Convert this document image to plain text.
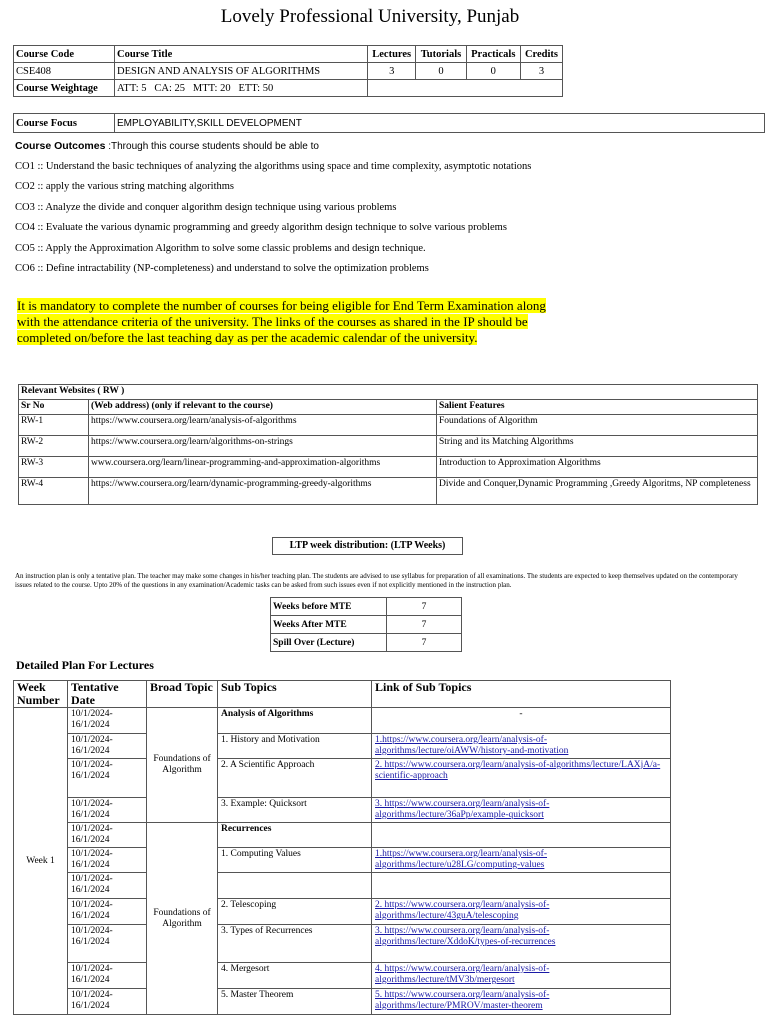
Lovely Professional University, Punjab
Course Code	Course Title	Lectures	Tutorials	Practicals	Credits
CSE408	DESIGN AND ANALYSIS OF ALGORITHMS	3	0	0	3
Course Weightage	ATT: 5   CA: 25   MTT: 20   ETT: 50				
Course Focus	EMPLOYABILITY,SKILL DEVELOPMENT
Course Outcomes :Through this course students should be able to
CO1 :: Understand the basic techniques of analyzing the algorithms using space and time complexity, asymptotic notations
CO2 :: apply the various string matching algorithms
CO3 :: Analyze the divide and conquer algorithm design technique using various problems
CO4 :: Evaluate the various dynamic programming and greedy algorithm design technique to solve various problems
CO5 :: Apply the Approximation Algorithm to solve some classic problems and design technique.
CO6 :: Define intractability (NP-completeness) and understand to solve the optimization problems
It is mandatory to complete the number of courses for being eligible for End Term Examination along with the attendance criteria of the university. The links of the courses as shared in the IP should be completed on/before the last teaching day as per the academic calendar of the university.
Relevant Websites ( RW )		
Sr No	(Web address) (only if relevant to the course)	Salient Features
RW-1	https://www.coursera.org/learn/analysis-of-algorithms	Foundations of Algorithm
RW-2	https://www.coursera.org/learn/algorithms-on-strings	String and its Matching Algorithms
RW-3	www.coursera.org/learn/linear-programming-and-approximation-algorithms	Introduction to Approximation Algorithms
RW-4	https://www.coursera.org/learn/dynamic-programming-greedy-algorithms	Divide and Conquer,Dynamic Programming ,Greedy Algoritms, NP completeness
LTP week distribution: (LTP Weeks)
An instruction plan is only a tentative plan. The teacher may make some changes in his/her teaching plan. The students are advised to use syllabus for preparation of all examinations. The students are expected to keep themselves updated on the contemporary issues related to the course. Upto 20% of the questions in any examination/Academic tasks can be asked from such issues even if not explicitly mentioned in the instruction plan.
Weeks before MTE	7
Weeks After MTE	7
Spill Over (Lecture)	7
Detailed Plan For Lectures
Week Number	Tentative Date	Broad Topic	Sub Topics	Link of Sub Topics
Week 1	10/1/2024-16/1/2024	Foundations of Algorithm	Analysis of Algorithms	-
	10/1/2024-16/1/2024		1. History and Motivation	1.https://www.coursera.org/learn/analysis-of-algorithms/lecture/oiAWW/history-and-motivation
	10/1/2024-16/1/2024		2. A Scientific Approach	2. https://www.coursera.org/learn/analysis-of-algorithms/lecture/LAXjA/a-scientific-approach
	10/1/2024-16/1/2024		3. Example: Quicksort	3. https://www.coursera.org/learn/analysis-of-algorithms/lecture/36aPp/example-quicksort
	10/1/2024-16/1/2024	Foundations of Algorithm	Recurrences	
	10/1/2024-16/1/2024		1. Computing Values	1.https://www.coursera.org/learn/analysis-of-algorithms/lecture/u28LG/computing-values
	10/1/2024-16/1/2024			
	10/1/2024-16/1/2024		2. Telescoping	2. https://www.coursera.org/learn/analysis-of-algorithms/lecture/43guA/telescoping
	10/1/2024-16/1/2024		3. Types of Recurrences	3. https://www.coursera.org/learn/analysis-of-algorithms/lecture/XddoK/types-of-recurrences
	10/1/2024-16/1/2024		4. Mergesort	4. https://www.coursera.org/learn/analysis-of-algorithms/lecture/tMV3b/mergesort
	10/1/2024-16/1/2024		5. Master Theorem	5. https://www.coursera.org/learn/analysis-of-algorithms/lecture/PMROV/master-theorem
